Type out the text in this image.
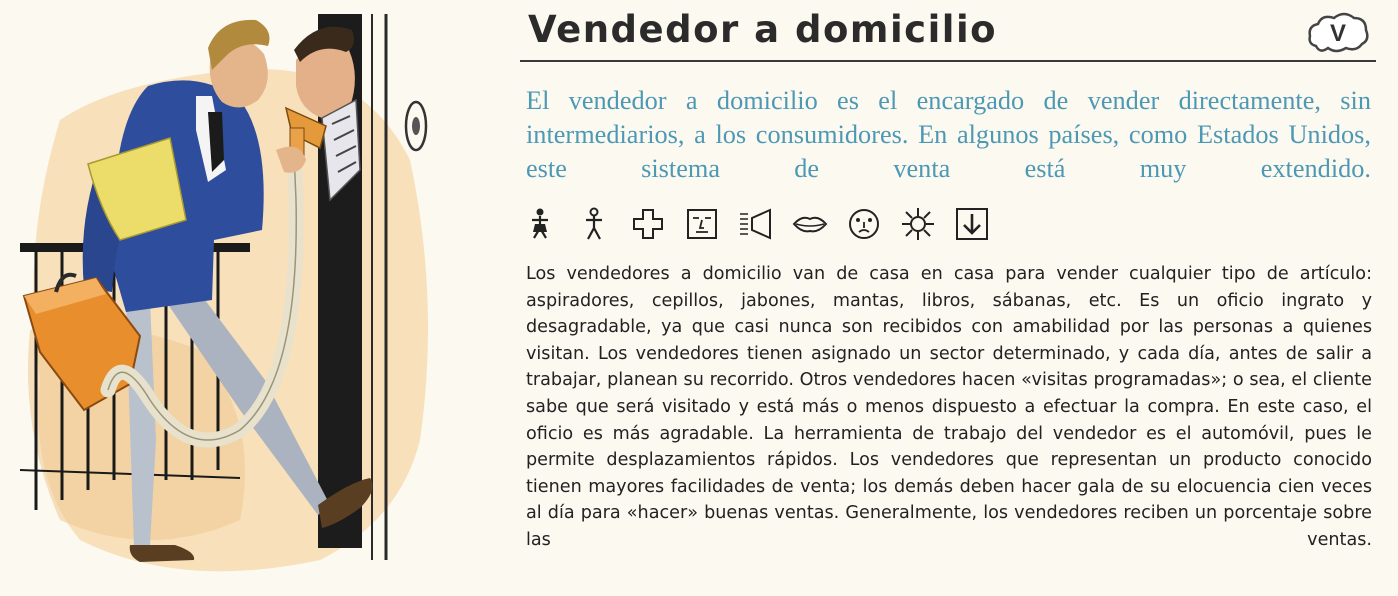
Vendedor a domicilio	V

El vendedor a domicilio es el encargado de vender directamente, sin intermediarios, a los consumidores. En algunos países, como Estados Unidos, este sistema de venta está muy extendido.

Los vendedores a domicilio van de casa en casa para vender cualquier tipo de artículo: aspiradores, cepillos, jabones, mantas, libros, sábanas, etc. Es un oficio ingrato y desagradable, ya que casi nunca son recibidos con amabilidad por las personas a quienes visitan. Los vendedores tienen asignado un sector determinado, y cada día, antes de salir a trabajar, planean su recorrido. Otros vendedores hacen «visitas programadas»; o sea, el cliente sabe que será visitado y está más o menos dispuesto a efectuar la compra. En este caso, el oficio es más agradable. La herramienta de trabajo del vendedor es el automóvil, pues le permite desplazamientos rápidos. Los vendedores que representan un producto conocido tienen mayores facilidades de venta; los demás deben hacer gala de su elocuencia cien veces al día para «hacer» buenas ventas. Generalmente, los vendedores reciben un porcentaje sobre las ventas.
